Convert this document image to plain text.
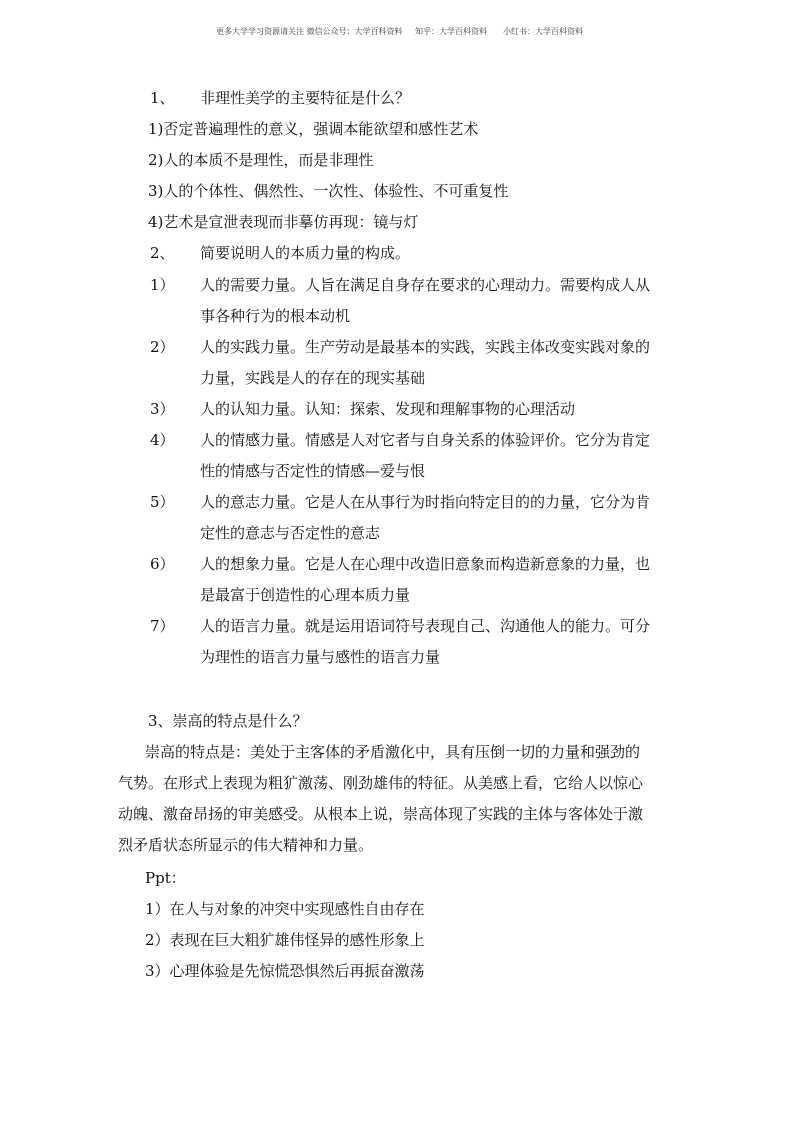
更多大学学习资源请关注 微信公众号：大学百科资料 知乎：大学百科资料 小红书：大学百科资料
1、 非理性美学的主要特征是什么？
1)否定普遍理性的意义，强调本能欲望和感性艺术
2)人的本质不是理性，而是非理性
3)人的个体性、偶然性、一次性、体验性、不可重复性
4)艺术是宣泄表现而非摹仿再现：镜与灯
2、 简要说明人的本质力量的构成。
1） 人的需要力量。人旨在满足自身存在要求的心理动力。需要构成人从
事各种行为的根本动机
2） 人的实践力量。生产劳动是最基本的实践，实践主体改变实践对象的
力量，实践是人的存在的现实基础
3） 人的认知力量。认知：探索、发现和理解事物的心理活动
4） 人的情感力量。情感是人对它者与自身关系的体验评价。它分为肯定
性的情感与否定性的情感—爱与恨
5） 人的意志力量。它是人在从事行为时指向特定目的的力量，它分为肯
定性的意志与否定性的意志
6） 人的想象力量。它是人在心理中改造旧意象而构造新意象的力量，也
是最富于创造性的心理本质力量
7） 人的语言力量。就是运用语词符号表现自己、沟通他人的能力。可分
为理性的语言力量与感性的语言力量
3、崇高的特点是什么？
崇高的特点是：美处于主客体的矛盾激化中，具有压倒一切的力量和强劲的
气势。在形式上表现为粗犷激荡、刚劲雄伟的特征。从美感上看，它给人以惊心
动魄、激奋昂扬的审美感受。从根本上说，崇高体现了实践的主体与客体处于激
烈矛盾状态所显示的伟大精神和力量。
Ppt：
1）在人与对象的冲突中实现感性自由存在
2）表现在巨大粗犷雄伟怪异的感性形象上
3）心理体验是先惊慌恐惧然后再振奋激荡
